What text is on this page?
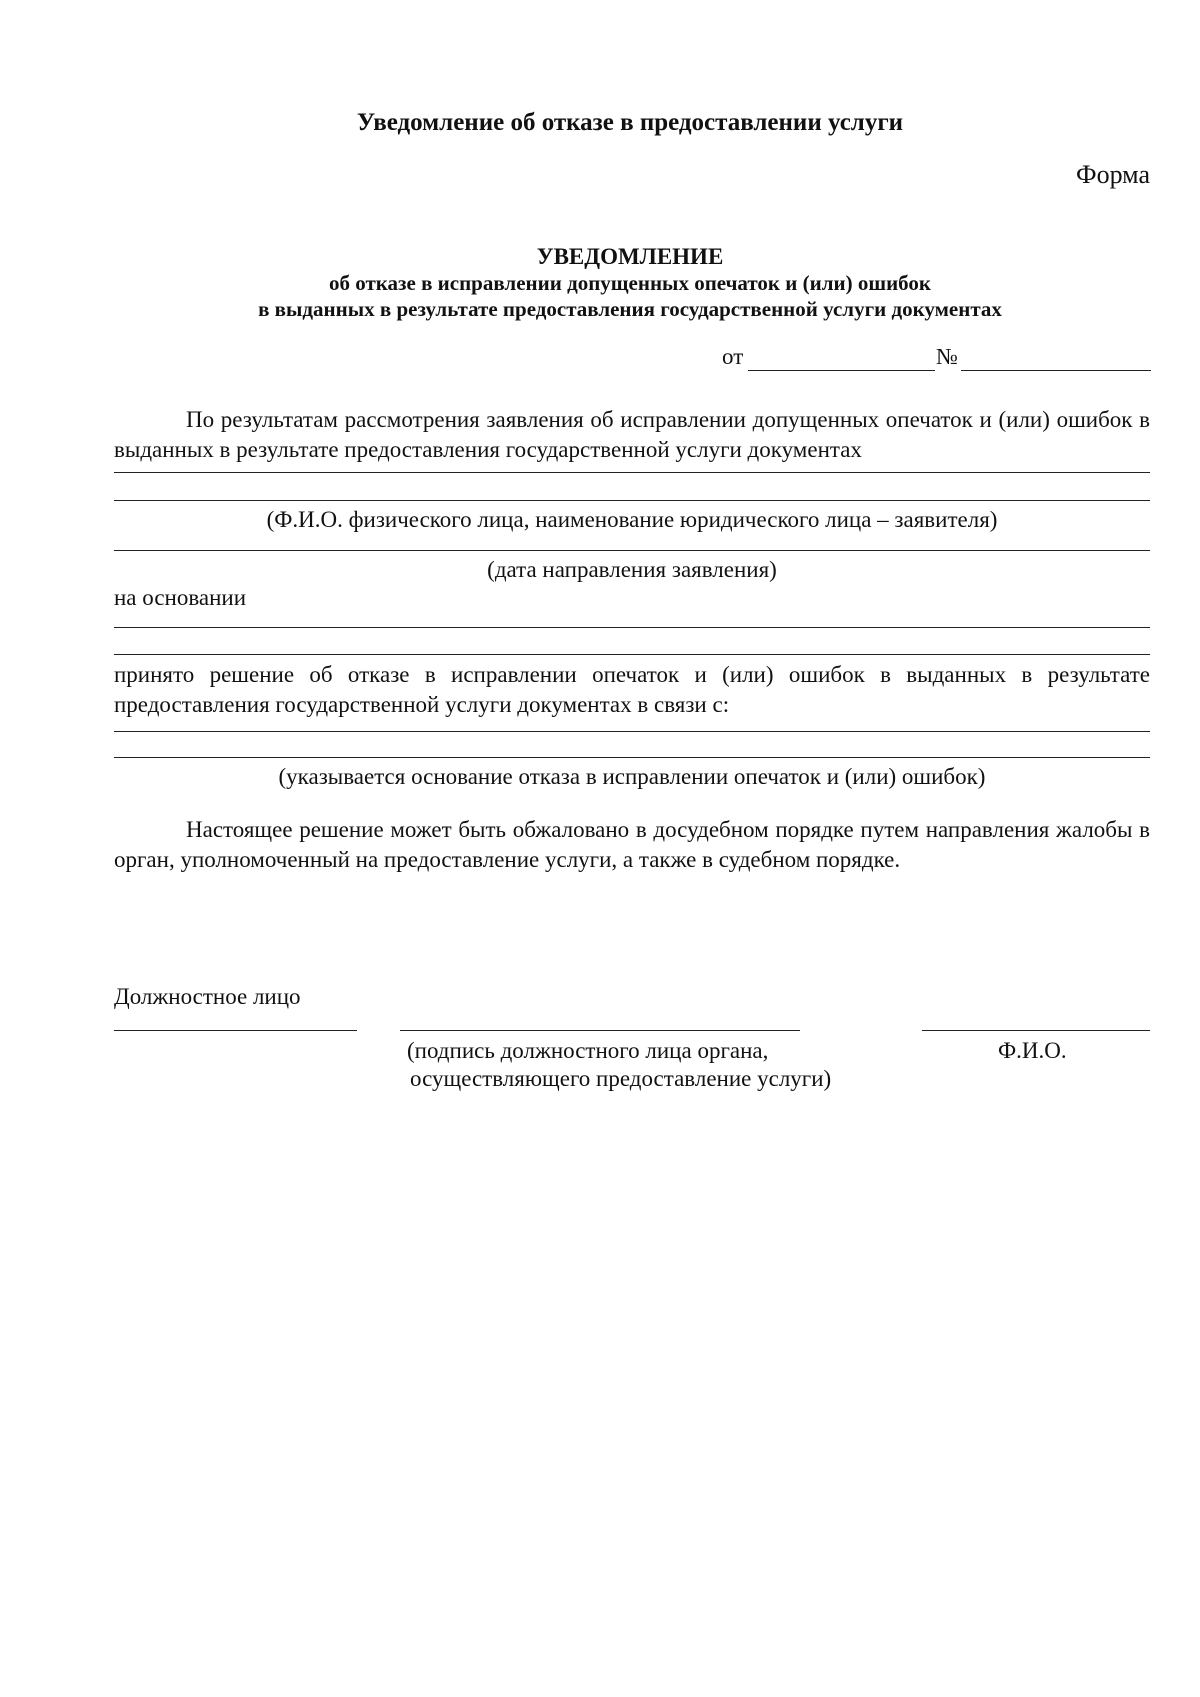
Уведомление об отказе в предоставлении услуги
Форма
УВЕДОМЛЕНИЕ
об отказе в исправлении допущенных опечаток и (или) ошибок
в выданных в результате предоставления государственной услуги документах
от	№
По результатам рассмотрения заявления об исправлении допущенных опечаток и (или) ошибок в выданных в результате предоставления государственной услуги документах
(Ф.И.О. физического лица, наименование юридического лица – заявителя)
(дата направления заявления)
на основании
принято решение об отказе в исправлении опечаток и (или) ошибок в выданных в результате предоставления государственной услуги документах в связи с:
(указывается основание отказа в исправлении опечаток и (или) ошибок)
Настоящее решение может быть обжаловано в досудебном порядке путем направления жалобы в орган, уполномоченный на предоставление услуги, а также в судебном порядке.
Должностное лицо
(подпись должностного лица органа,
осуществляющего предоставление услуги)
Ф.И.О.
